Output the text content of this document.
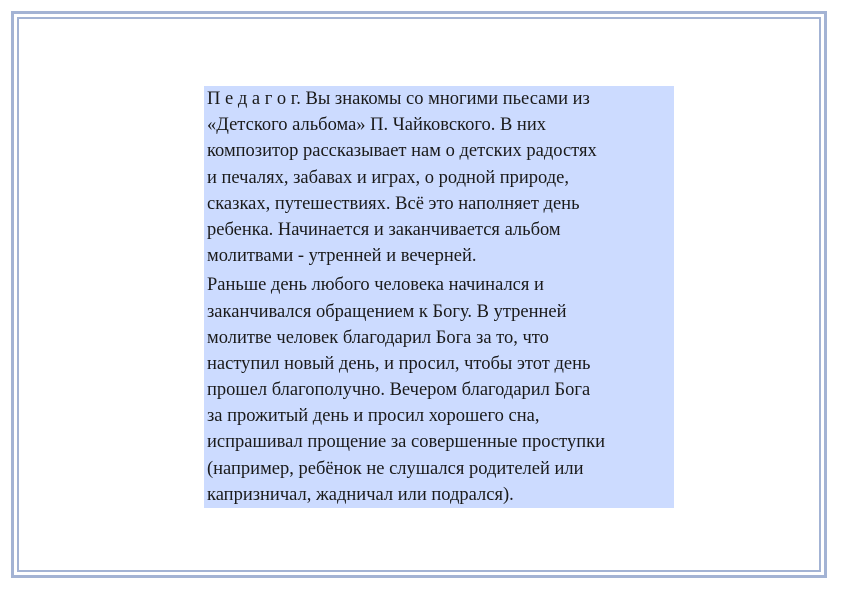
П е д а г о г. Вы знакомы со многими пьесами из
«Детского альбома» П. Чайковского. В них
композитор рассказывает нам о детских радостях
и печалях, забавах и играх, о родной природе,
сказках, путешествиях. Всё это наполняет день
ребенка. Начинается и заканчивается альбом
молитвами - утренней и вечерней.

Раньше день любого человека начинался и
заканчивался обращением к Богу. В утренней
молитве человек благодарил Бога за то, что
наступил новый день, и просил, чтобы этот день
прошел благополучно. Вечером благодарил Бога
за прожитый день и просил хорошего сна,
испрашивал прощение за совершенные проступки
(например, ребёнок не слушался родителей или
капризничал, жадничал или подрался).
